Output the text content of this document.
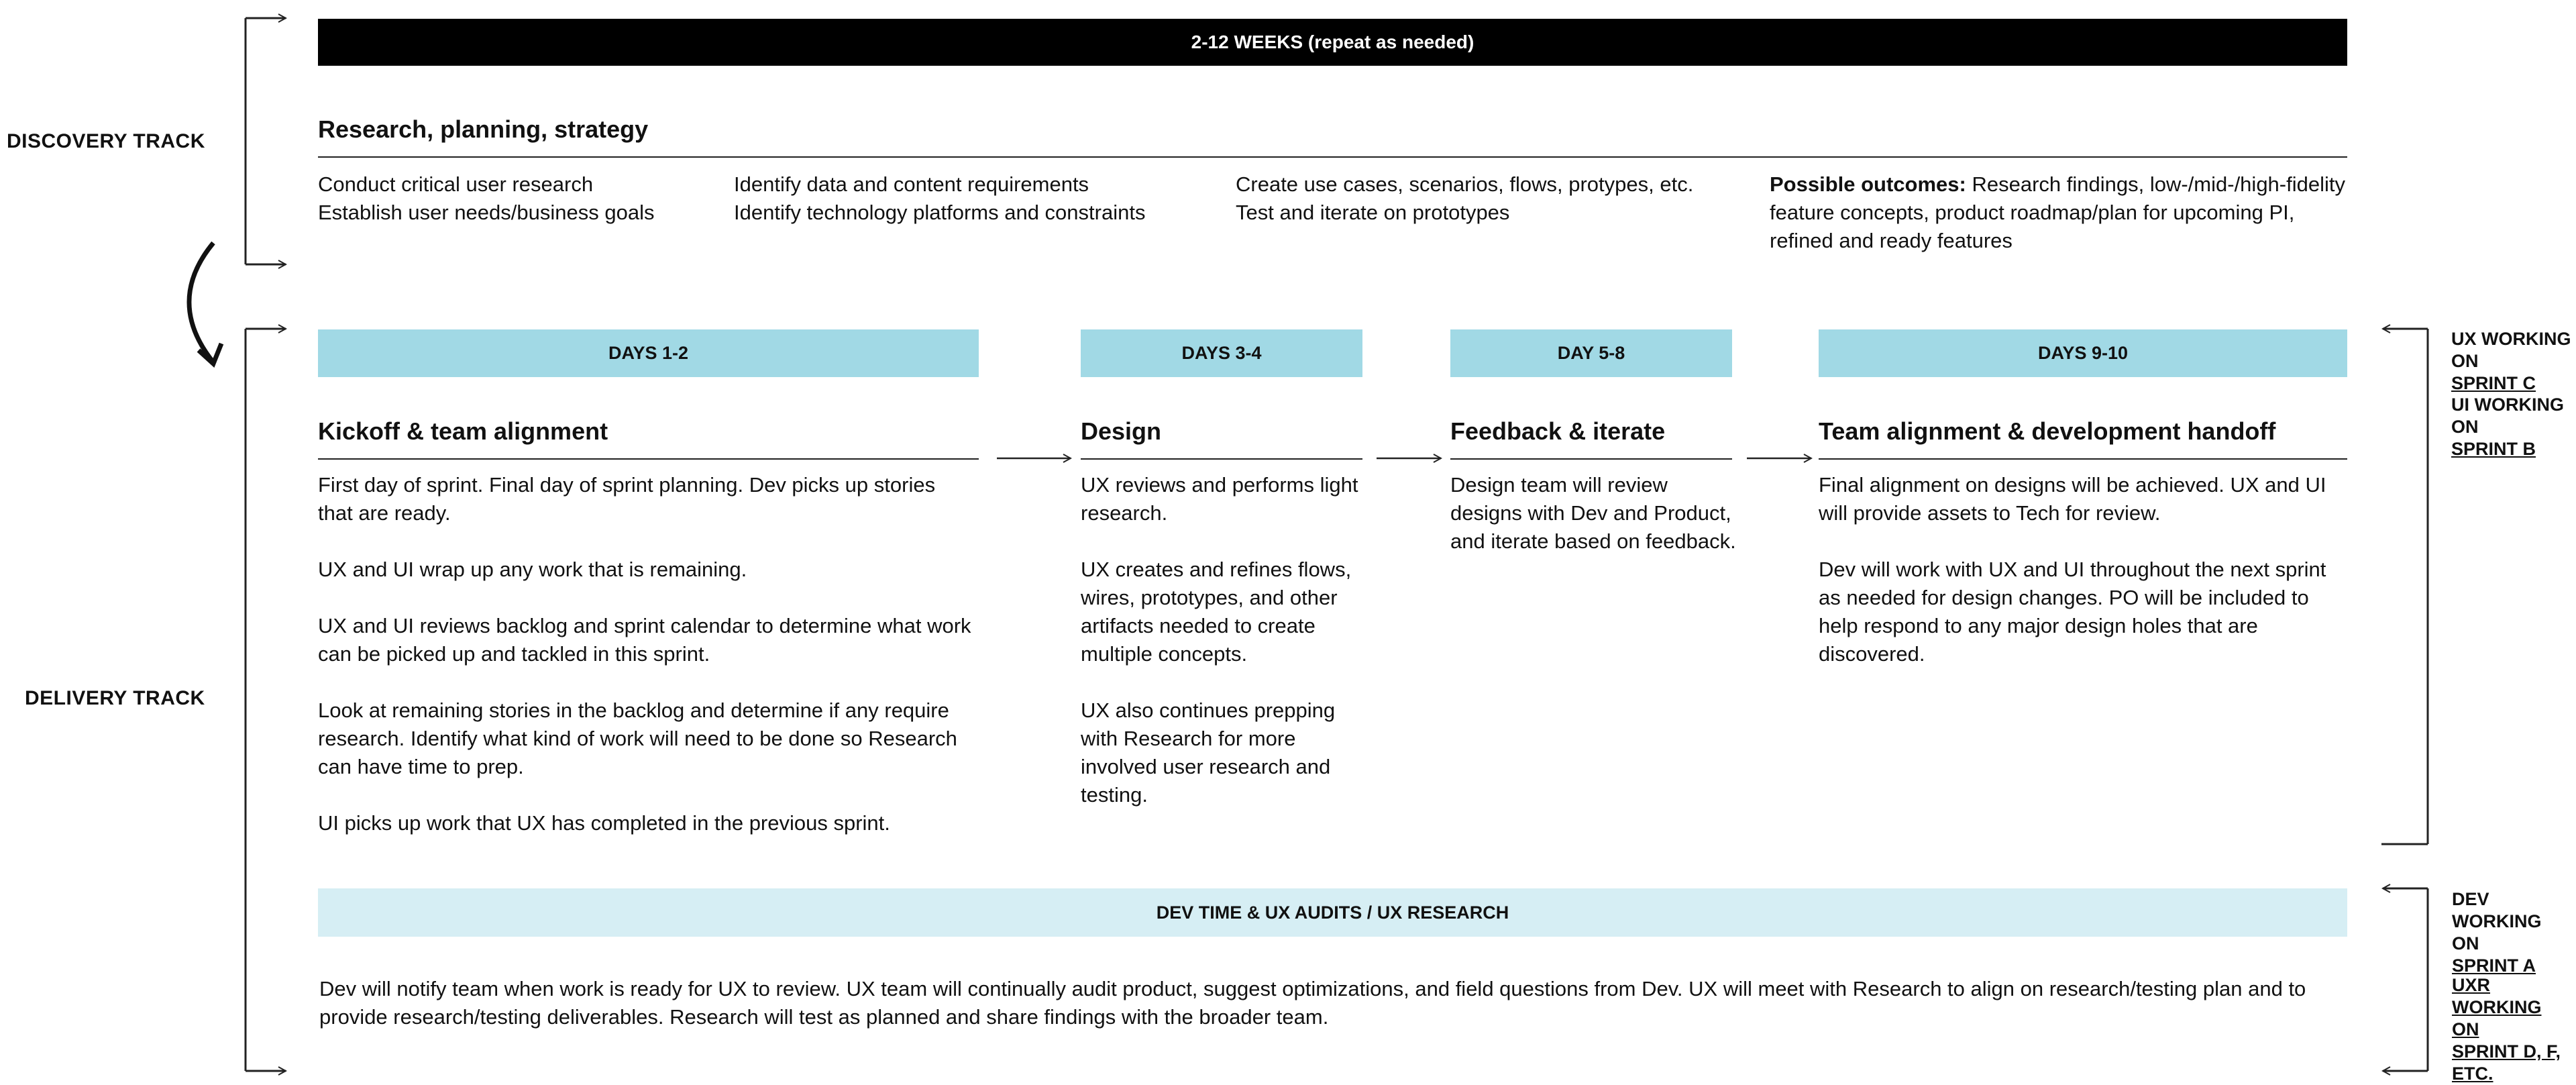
DISCOVERY TRACK
DELIVERY TRACK
2-12 WEEKS (repeat as needed)
Research, planning, strategy

Conduct critical user research

Establish user needs/business goals

Identify data and content requirements

Identify technology platforms and constraints

Create use cases, scenarios, flows, protypes, etc.

Test and iterate on prototypes

Possible outcomes: Research findings, low-/mid-/high-fidelity feature concepts, product roadmap/plan for upcoming PI, refined and ready features
DAYS 1-2
Kickoff & team alignment

First day of sprint. Final day of sprint planning. Dev picks up stories that are ready.

UX and UI wrap up any work that is remaining.

UX and UI reviews backlog and sprint calendar to determine what work can be picked up and tackled in this sprint.

Look at remaining stories in the backlog and determine if any require research. Identify what kind of work will need to be done so Research can have time to prep.

UI picks up work that UX has completed in the previous sprint.

DAYS 3-4
Design

UX reviews and performs light research.

UX creates and refines flows, wires, prototypes, and other artifacts needed to create multiple concepts.

UX also continues prepping with Research for more involved user research and testing.

DAY 5-8
Feedback & iterate

Design team will review designs with Dev and Product, and iterate based on feedback.

DAYS 9-10
Team alignment & development handoff

Final alignment on designs will be achieved. UX and UI will provide assets to Tech for review.

Dev will work with UX and UI throughout the next sprint as needed for design changes. PO will be included to help respond to any major design holes that are discovered.

DEV TIME & UX AUDITS / UX RESEARCH
Dev will notify team when work is ready for UX to review. UX team will continually audit product, suggest optimizations, and field questions from Dev. UX will meet with Research to align on research/testing plan and to provide research/testing deliverables. Research will test as planned and share findings with the broader team.
UX WORKING ON
SPRINT C
UI WORKING ON
SPRINT B
DEV WORKING ON
SPRINT A
UXR
WORKING ON
SPRINT D, F,
ETC.
